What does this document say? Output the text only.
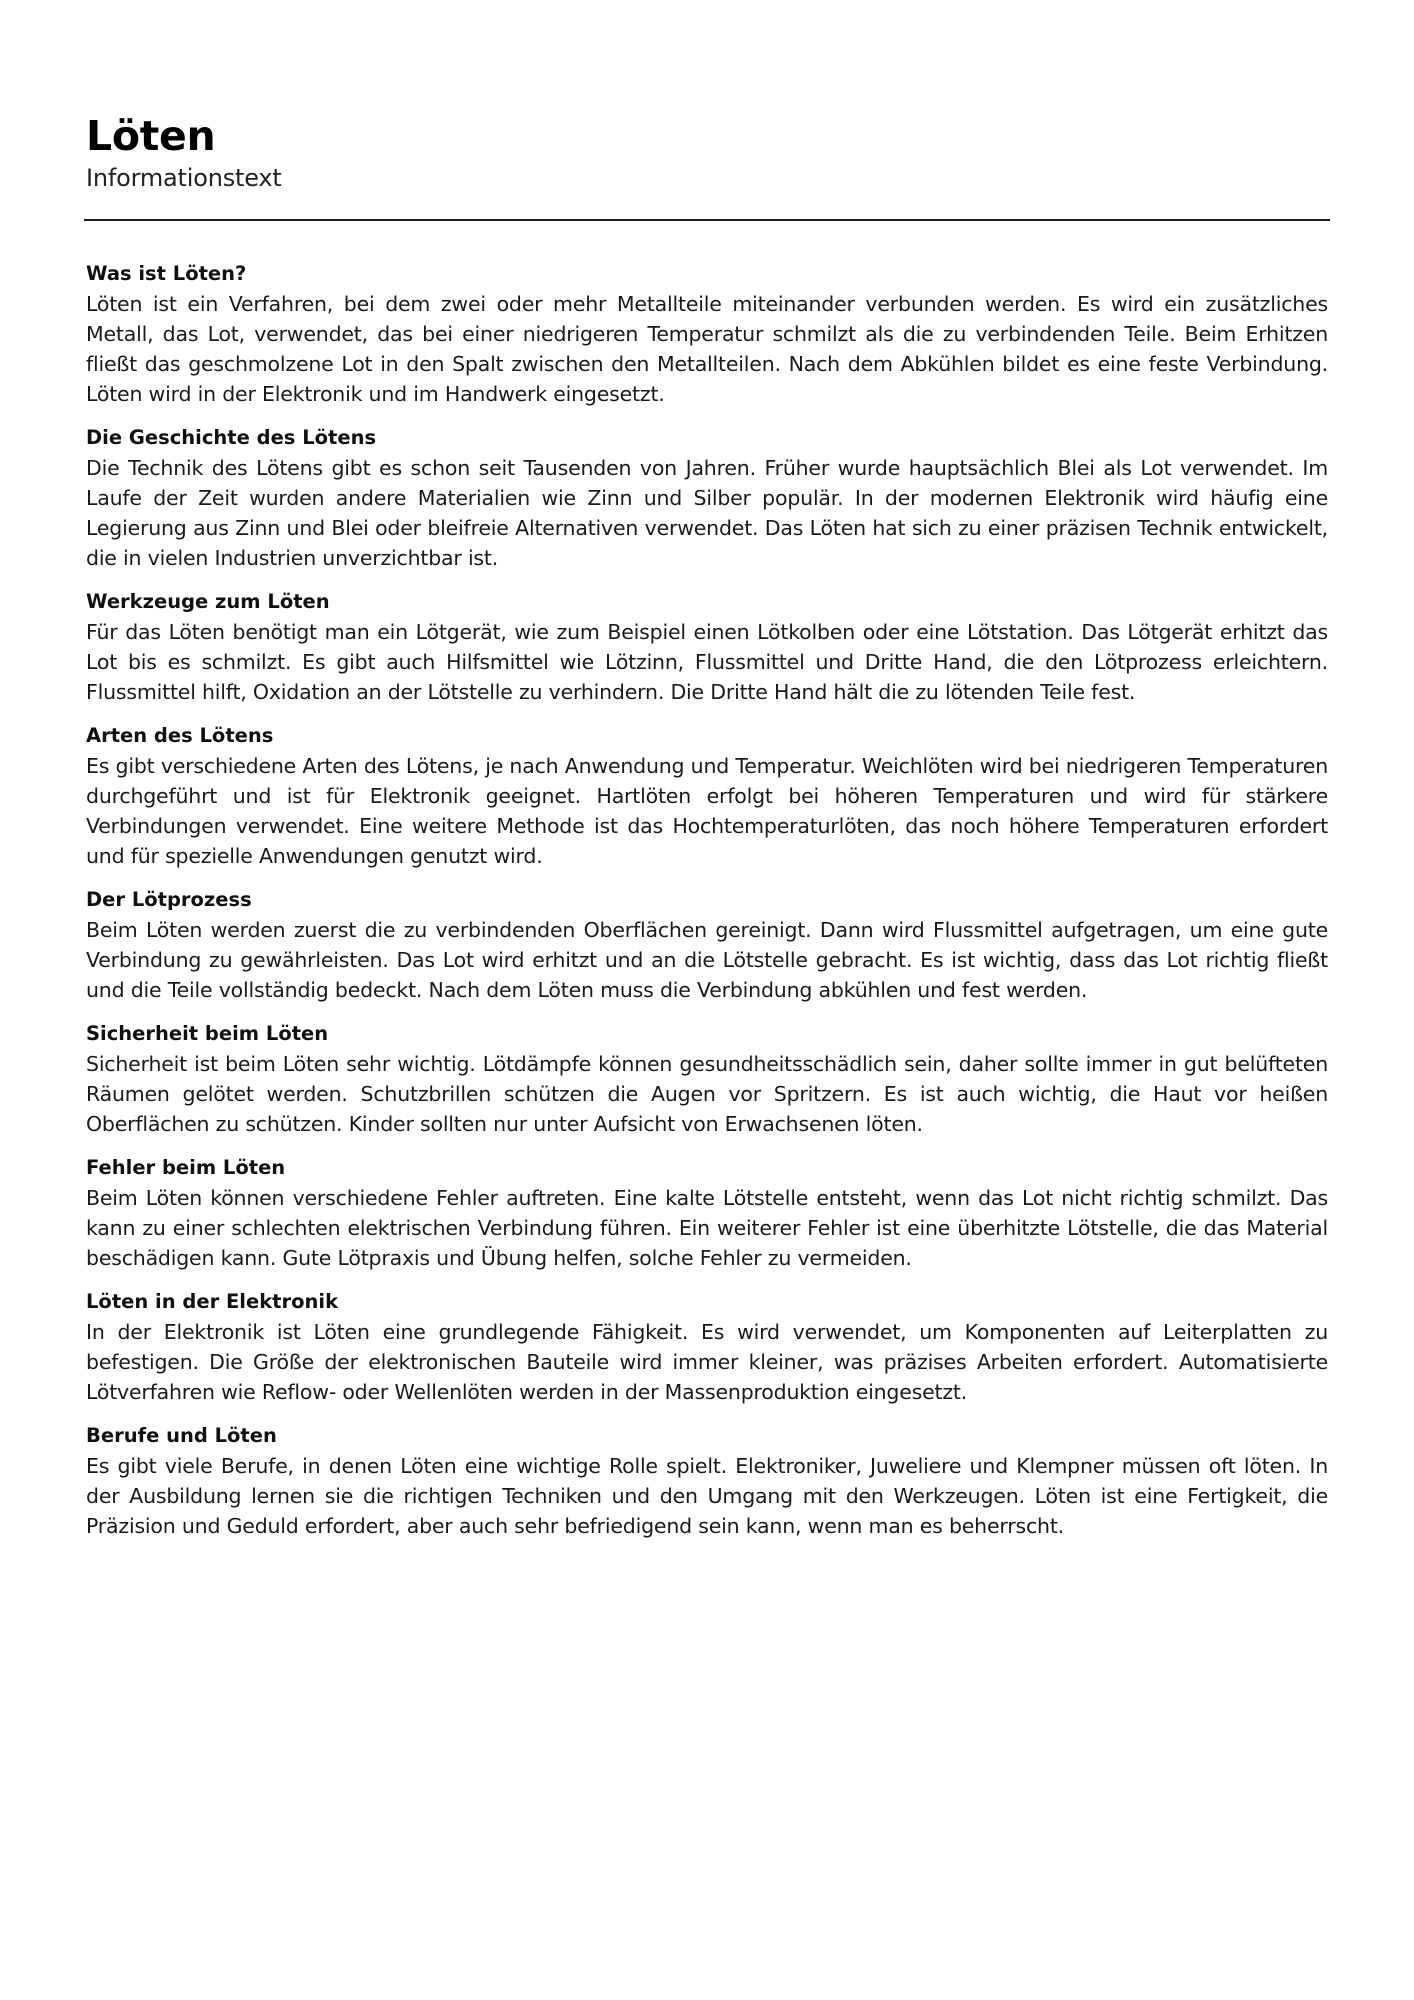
Löten
Informationstext
Was ist Löten?

Löten ist ein Verfahren, bei dem zwei oder mehr Metallteile miteinander verbunden werden. Es wird ein zusätzliches Metall, das Lot, verwendet, das bei einer niedrigeren Temperatur schmilzt als die zu verbindenden Teile. Beim Erhitzen fließt das geschmolzene Lot in den Spalt zwischen den Metallteilen. Nach dem Abkühlen bildet es eine feste Verbindung. Löten wird in der Elektronik und im Handwerk eingesetzt.

Die Geschichte des Lötens

Die Technik des Lötens gibt es schon seit Tausenden von Jahren. Früher wurde hauptsächlich Blei als Lot verwendet. Im Laufe der Zeit wurden andere Materialien wie Zinn und Silber populär. In der modernen Elektronik wird häufig eine Legierung aus Zinn und Blei oder bleifreie Alternativen verwendet. Das Löten hat sich zu einer präzisen Technik entwickelt, die in vielen Industrien unverzichtbar ist.

Werkzeuge zum Löten

Für das Löten benötigt man ein Lötgerät, wie zum Beispiel einen Lötkolben oder eine Lötstation. Das Lötgerät erhitzt das Lot bis es schmilzt. Es gibt auch Hilfsmittel wie Lötzinn, Flussmittel und Dritte Hand, die den Lötprozess erleichtern. Flussmittel hilft, Oxidation an der Lötstelle zu verhindern. Die Dritte Hand hält die zu lötenden Teile fest.

Arten des Lötens

Es gibt verschiedene Arten des Lötens, je nach Anwendung und Temperatur. Weichlöten wird bei niedrigeren Temperaturen durchgeführt und ist für Elektronik geeignet. Hartlöten erfolgt bei höheren Temperaturen und wird für stärkere Verbindungen verwendet. Eine weitere Methode ist das Hochtemperaturlöten, das noch höhere Temperaturen erfordert und für spezielle Anwendungen genutzt wird.

Der Lötprozess

Beim Löten werden zuerst die zu verbindenden Oberflächen gereinigt. Dann wird Flussmittel aufgetragen, um eine gute Verbindung zu gewährleisten. Das Lot wird erhitzt und an die Lötstelle gebracht. Es ist wichtig, dass das Lot richtig fließt und die Teile vollständig bedeckt. Nach dem Löten muss die Verbindung abkühlen und fest werden.

Sicherheit beim Löten

Sicherheit ist beim Löten sehr wichtig. Lötdämpfe können gesundheitsschädlich sein, daher sollte immer in gut belüfteten Räumen gelötet werden. Schutzbrillen schützen die Augen vor Spritzern. Es ist auch wichtig, die Haut vor heißen Oberflächen zu schützen. Kinder sollten nur unter Aufsicht von Erwachsenen löten.

Fehler beim Löten

Beim Löten können verschiedene Fehler auftreten. Eine kalte Lötstelle entsteht, wenn das Lot nicht richtig schmilzt. Das kann zu einer schlechten elektrischen Verbindung führen. Ein weiterer Fehler ist eine überhitzte Lötstelle, die das Material beschädigen kann. Gute Lötpraxis und Übung helfen, solche Fehler zu vermeiden.

Löten in der Elektronik

In der Elektronik ist Löten eine grundlegende Fähigkeit. Es wird verwendet, um Komponenten auf Leiterplatten zu befestigen. Die Größe der elektronischen Bauteile wird immer kleiner, was präzises Arbeiten erfordert. Automatisierte Lötverfahren wie Reflow- oder Wellenlöten werden in der Massenproduktion eingesetzt.

Berufe und Löten

Es gibt viele Berufe, in denen Löten eine wichtige Rolle spielt. Elektroniker, Juweliere und Klempner müssen oft löten. In der Ausbildung lernen sie die richtigen Techniken und den Umgang mit den Werkzeugen. Löten ist eine Fertigkeit, die Präzision und Geduld erfordert, aber auch sehr befriedigend sein kann, wenn man es beherrscht.
